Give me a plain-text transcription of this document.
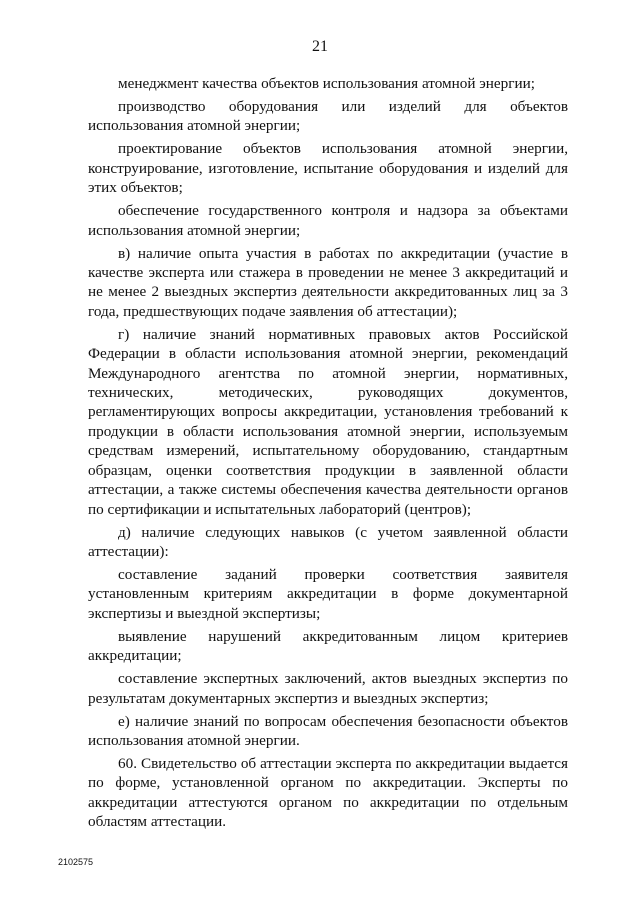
21

менеджмент качества объектов использования атомной энергии;

производство оборудования или изделий для объектов использования атомной энергии;

проектирование объектов использования атомной энергии, конструирование, изготовление, испытание оборудования и изделий для этих объектов;

обеспечение государственного контроля и надзора за объектами использования атомной энергии;

в) наличие опыта участия в работах по аккредитации (участие в качестве эксперта или стажера в проведении не менее 3 аккредитаций и не менее 2 выездных экспертиз деятельности аккредитованных лиц за 3 года, предшествующих подаче заявления об аттестации);

г) наличие знаний нормативных правовых актов Российской Федерации в области использования атомной энергии, рекомендаций Международного агентства по атомной энергии, нормативных, технических, методических, руководящих документов, регламентирующих вопросы аккредитации, установления требований к продукции в области использования атомной энергии, используемым средствам измерений, испытательному оборудованию, стандартным образцам, оценки соответствия продукции в заявленной области аттестации, а также системы обеспечения качества деятельности органов по сертификации и испытательных лабораторий (центров);

д) наличие следующих навыков (с учетом заявленной области аттестации):

составление заданий проверки соответствия заявителя установленным критериям аккредитации в форме документарной экспертизы и выездной экспертизы;

выявление нарушений аккредитованным лицом критериев аккредитации;

составление экспертных заключений, актов выездных экспертиз по результатам документарных экспертиз и выездных экспертиз;

е) наличие знаний по вопросам обеспечения безопасности объектов использования атомной энергии.

60. Свидетельство об аттестации эксперта по аккредитации выдается по форме, установленной органом по аккредитации. Эксперты по аккредитации аттестуются органом по аккредитации по отдельным областям аттестации.

2102575
